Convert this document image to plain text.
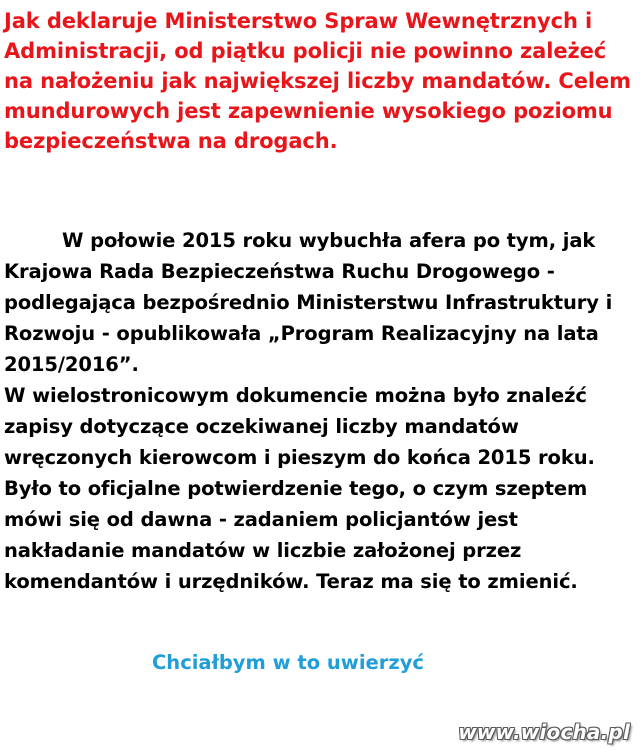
Jak deklaruje Ministerstwo Spraw Wewnętrznych i Administracji, od piątku policji nie powinno zależeć na nałożeniu jak największej liczby mandatów. Celem mundurowych jest zapewnienie wysokiego poziomu bezpieczeństwa na drogach.

W połowie 2015 roku wybuchła afera po tym, jak Krajowa Rada Bezpieczeństwa Ruchu Drogowego - podlegająca bezpośrednio Ministerstwu Infrastruktury i Rozwoju - opublikowała „Program Realizacyjny na lata 2015/2016”.
W wielostronicowym dokumencie można było znaleźć zapisy dotyczące oczekiwanej liczby mandatów wręczonych kierowcom i pieszym do końca 2015 roku. Było to oficjalne potwierdzenie tego, o czym szeptem mówi się od dawna - zadaniem policjantów jest nakładanie mandatów w liczbie założonej przez komendantów i urzędników. Teraz ma się to zmienić.

Chciałbym w to uwierzyć

www.wiocha.pl
